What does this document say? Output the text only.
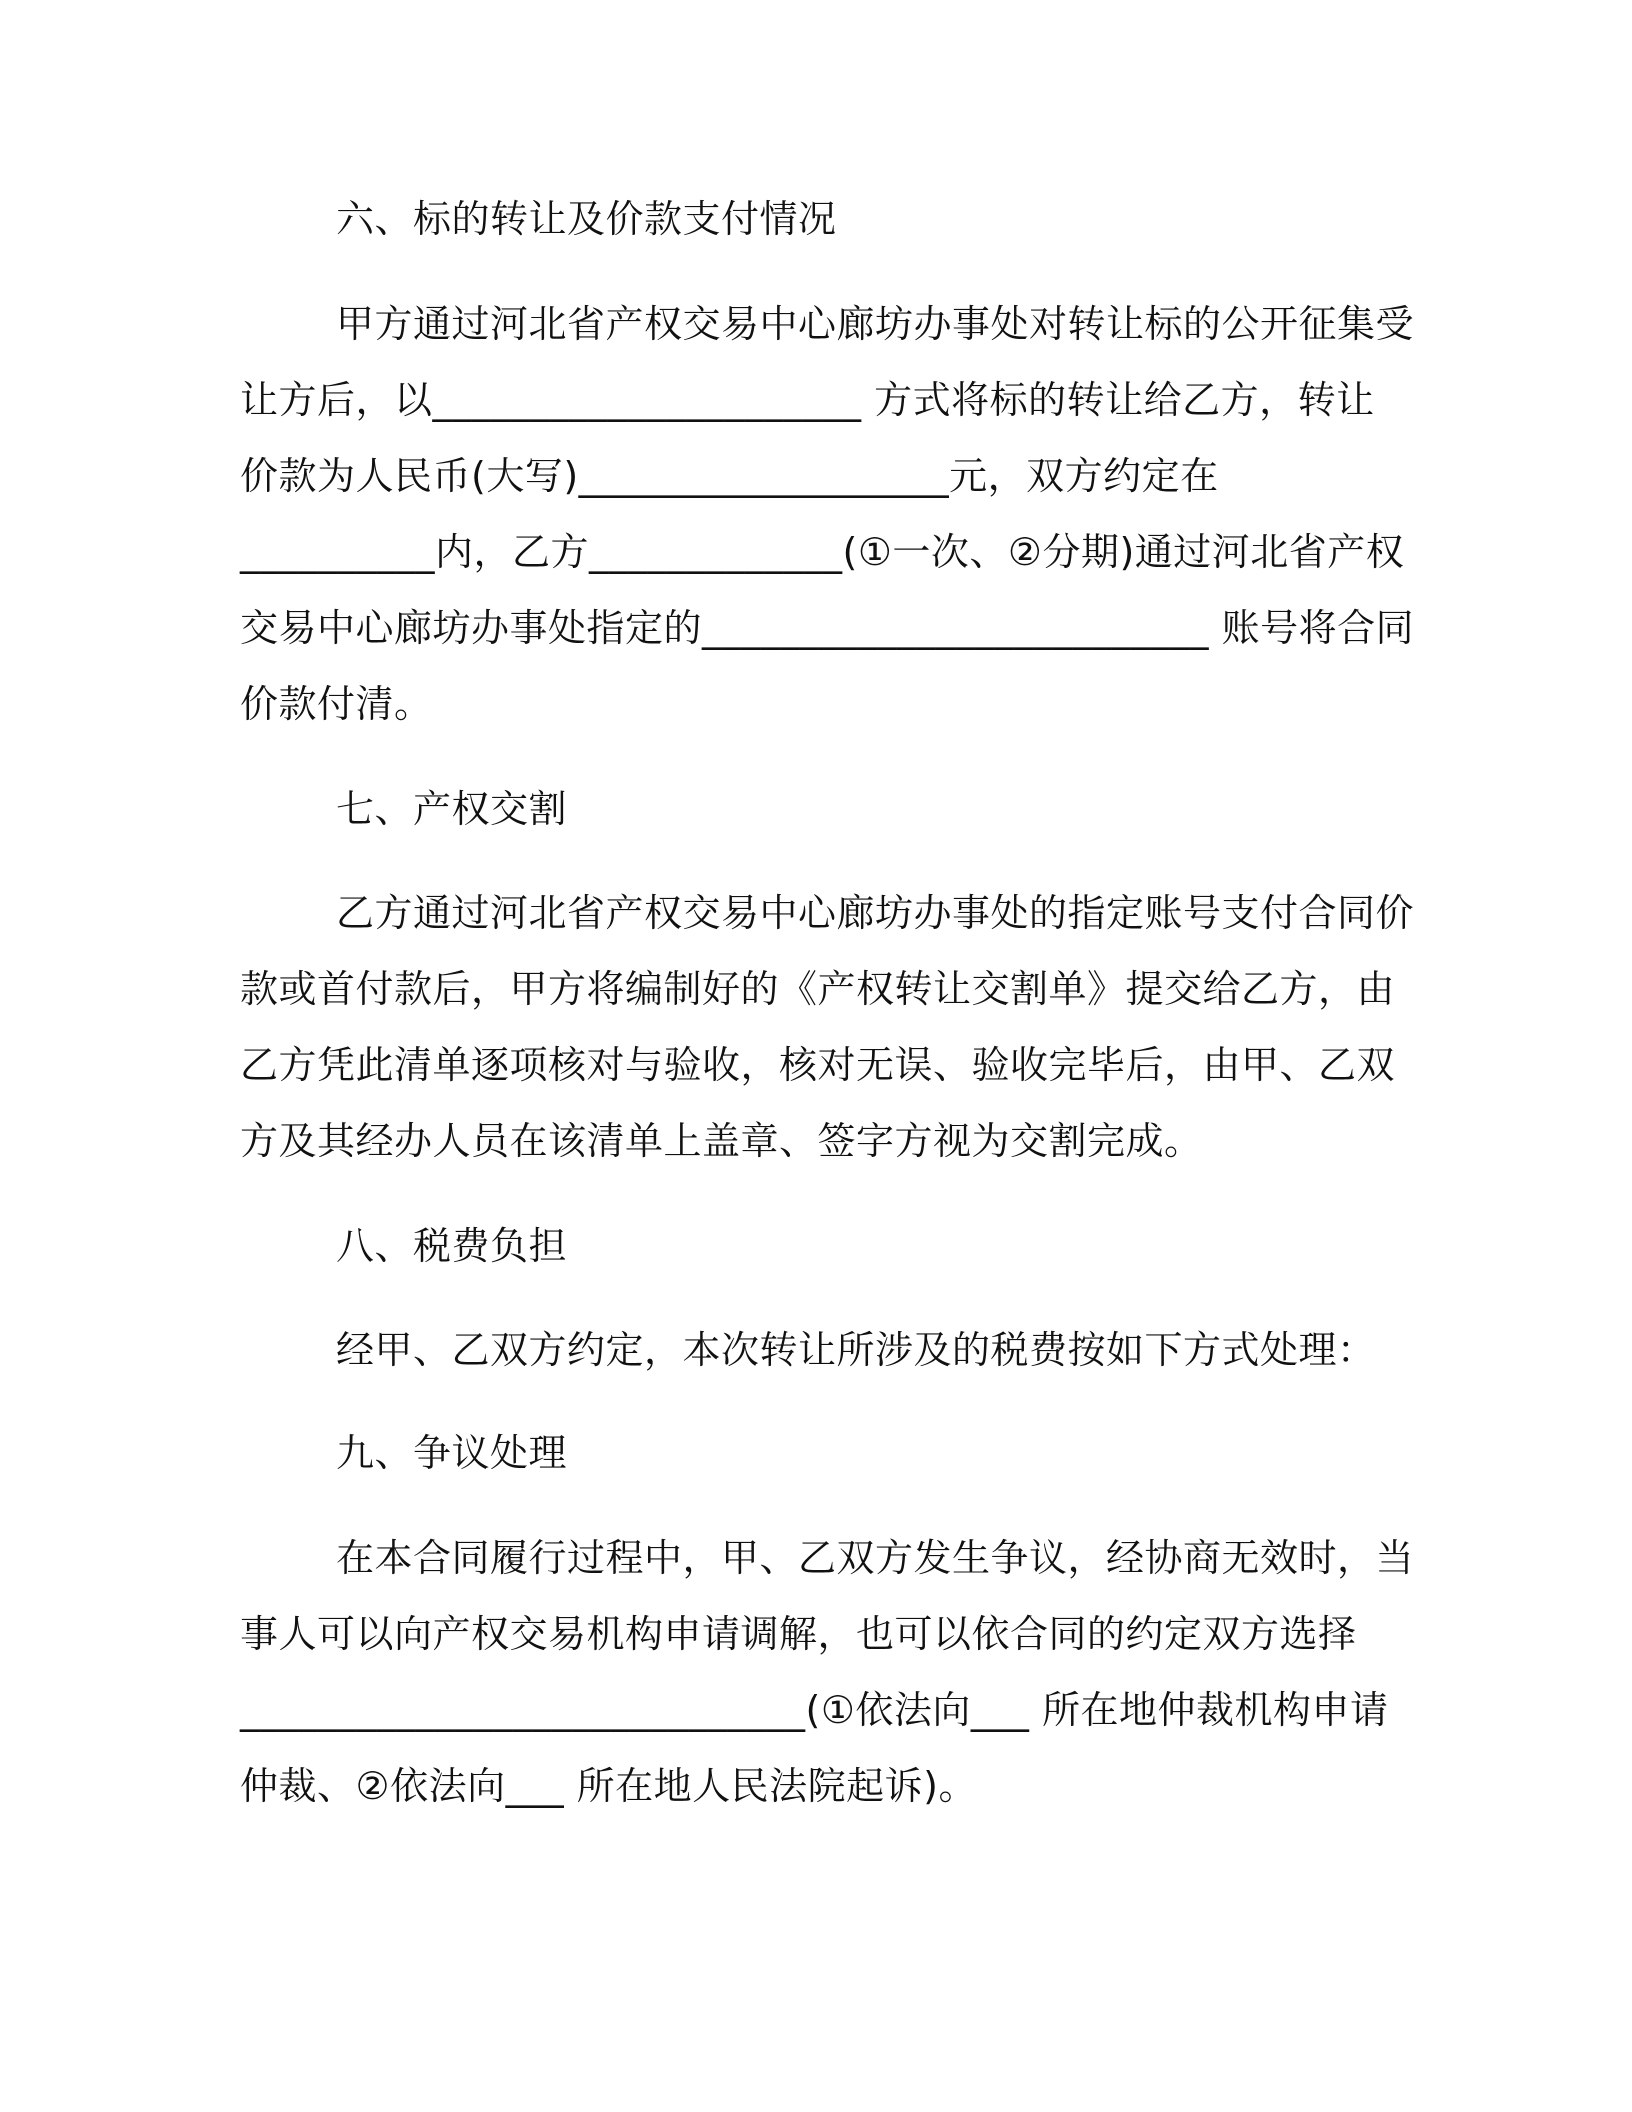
六、标的转让及价款支付情况
甲方通过河北省产权交易中心廊坊办事处对转让标的公开征集受
让方后，以______________________ 方式将标的转让给乙方，转让
价款为人民币(大写)___________________元，双方约定在
__________内，乙方_____________(①一次、②分期)通过河北省产权
交易中心廊坊办事处指定的__________________________ 账号将合同
价款付清。
七、产权交割
乙方通过河北省产权交易中心廊坊办事处的指定账号支付合同价
款或首付款后，甲方将编制好的《产权转让交割单》提交给乙方，由
乙方凭此清单逐项核对与验收，核对无误、验收完毕后，由甲、乙双
方及其经办人员在该清单上盖章、签字方视为交割完成。
八、税费负担
经甲、乙双方约定，本次转让所涉及的税费按如下方式处理：
九、争议处理
在本合同履行过程中，甲、乙双方发生争议，经协商无效时，当
事人可以向产权交易机构申请调解，也可以依合同的约定双方选择
_____________________________(①依法向___ 所在地仲裁机构申请
仲裁、②依法向___ 所在地人民法院起诉)。
